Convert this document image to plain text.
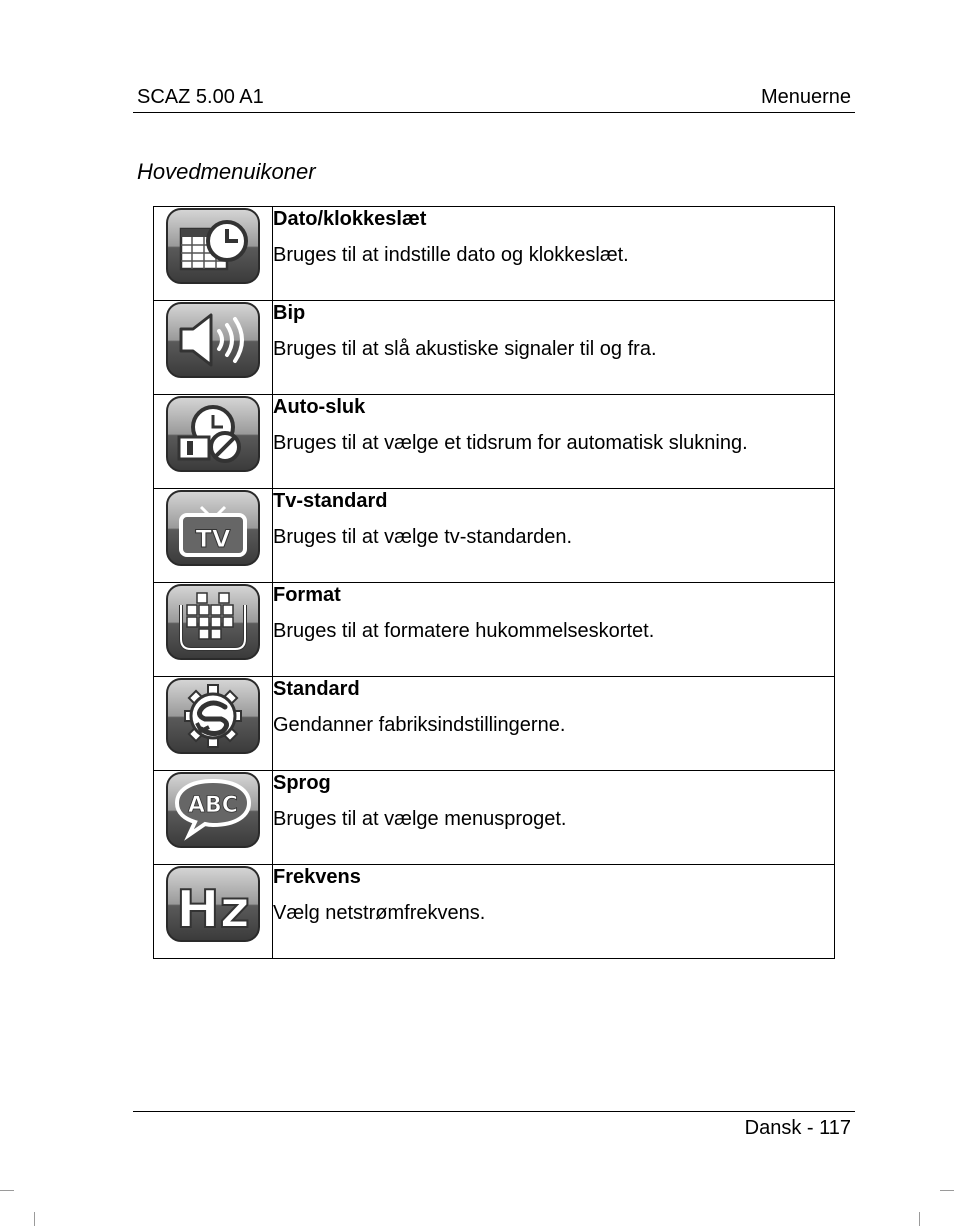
SCAZ 5.00 A1	Menuerne
Hovedmenuikoner

Dato/klokkeslæt
Bruges til at indstille dato og klokkeslæt.

Bip
Bruges til at slå akustiske signaler til og fra.

Auto-sluk
Bruges til at vælge et tidsrum for automatisk slukning.

TV	Tv-standard
Bruges til at vælge tv-standarden.

Format
Bruges til at formatere hukommelseskortet.

Standard
Gendanner fabriksindstillingerne.

ABC	Sprog
Bruges til at vælge menusproget.

Hz	Frekvens
Vælg netstrømfrekvens.
Dansk - 117
